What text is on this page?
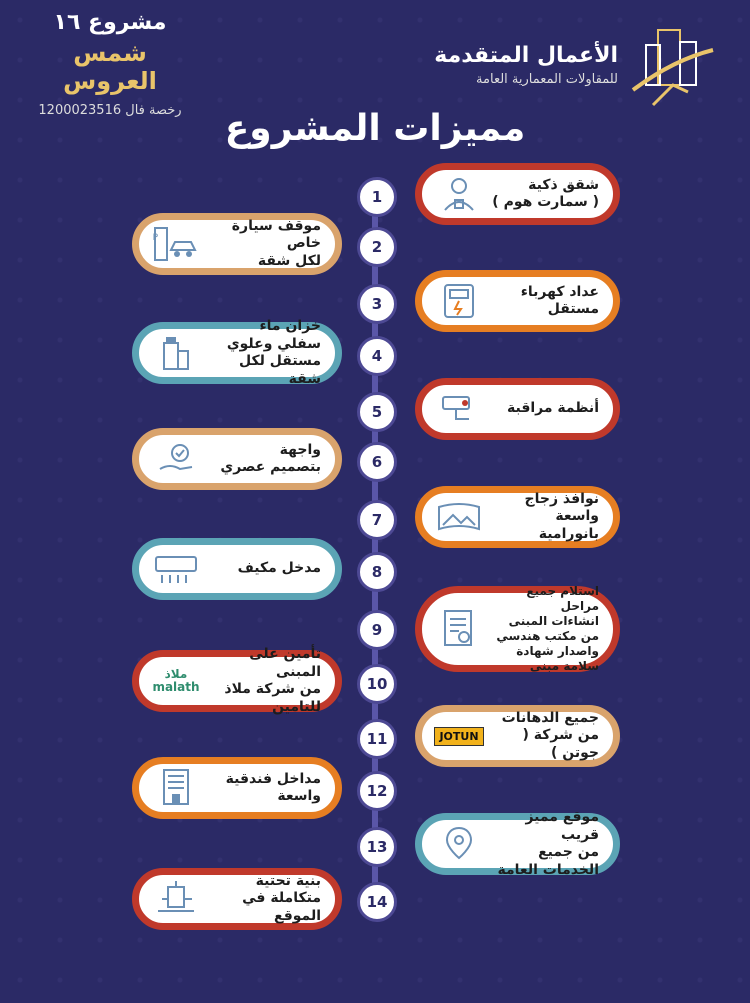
مشروع ١٦
شمس العروس
رخصة فال 1200023516
الأعمال المتقدمة
للمقاولات المعمارية العامة
مميزات المشروع
1
شقق ذكية
( سمارت هوم )
2
موقف سيارة خاص
لكل شقة
P
3
عداد كهرباء
مستقل
4
خزان ماء
سفلي وعلوي
مستقل لكل شقة
5	أنظمة مراقبة
6
واجهة
بتصميم عصري
7
نوافذ زجاج
واسعة بانورامية
8
مدخل مكيف
9
استلام جميع مراحل
انشاءات المبنى
من مكتب هندسي
واصدار شهادة
سلامة مبنى
10
تأمين على المبنى
من شركة ملاذ للتامين
ملاذ
malath
11
جميع الدهانات
من شركة ( جوتن )
JOTUN
12
مداخل فندقية واسعة
13
موقع مميز قريب
من جميع
الخدمات العامة
14
بنية تحتية
متكاملة في الموقع
